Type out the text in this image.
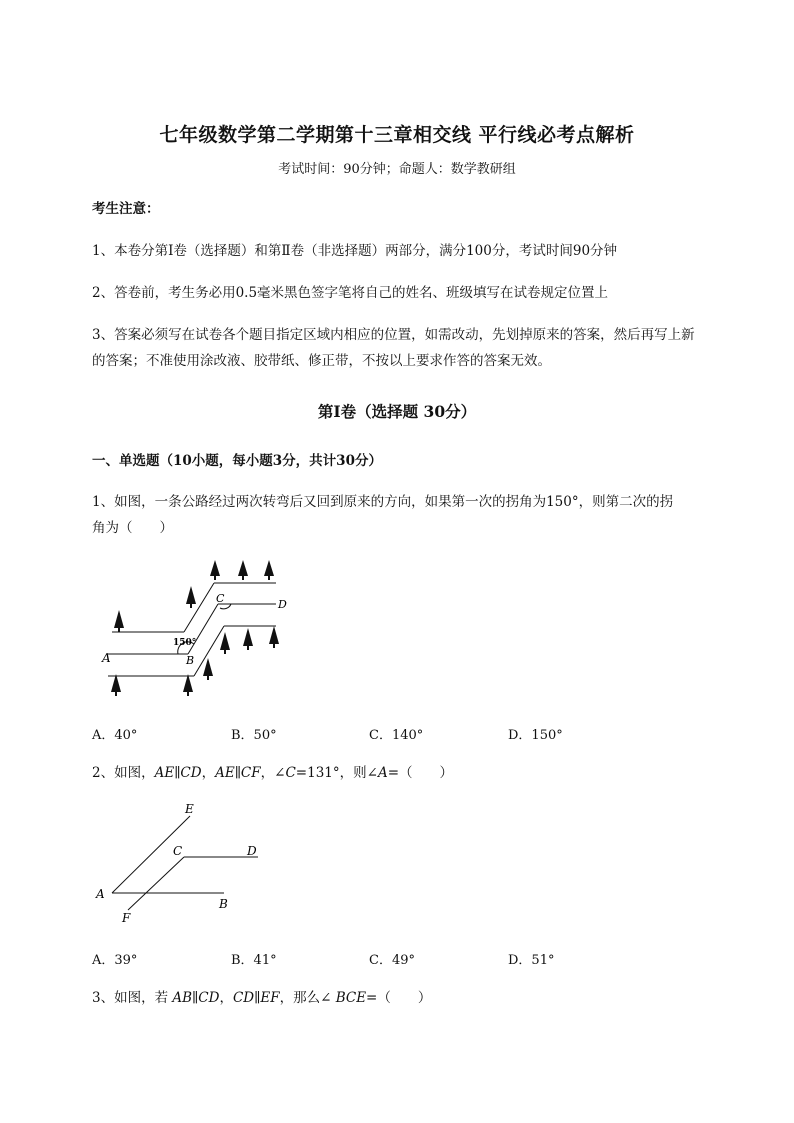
七年级数学第二学期第十三章相交线 平行线必考点解析
考试时间：90分钟；命题人：数学教研组
考生注意：
1、本卷分第Ⅰ卷（选择题）和第Ⅱ卷（非选择题）两部分，满分100分，考试时间90分钟
2、答卷前，考生务必用0.5毫米黑色签字笔将自己的姓名、班级填写在试卷规定位置上
3、答案必须写在试卷各个题目指定区域内相应的位置，如需改动，先划掉原来的答案，然后再写上新
的答案；不准使用涂改液、胶带纸、修正带，不按以上要求作答的答案无效。
第Ⅰ卷（选择题 30分）
一、单选题（10小题，每小题3分，共计30分）
1、如图，一条公路经过两次转弯后又回到原来的方向，如果第一次的拐角为150°，则第二次的拐
角为（　　）
A	B
C	D
150°
A．40°	B．50°	C．140°	D．150°
2、如图，AE∥CD，AE∥CF，∠C=131°，则∠A=（　　）
E
C	D
A
F
B
A．39°	B．41°	C．49°	D．51°
3、如图，若 AB∥CD，CD∥EF，那么∠ BCE=（　　）
